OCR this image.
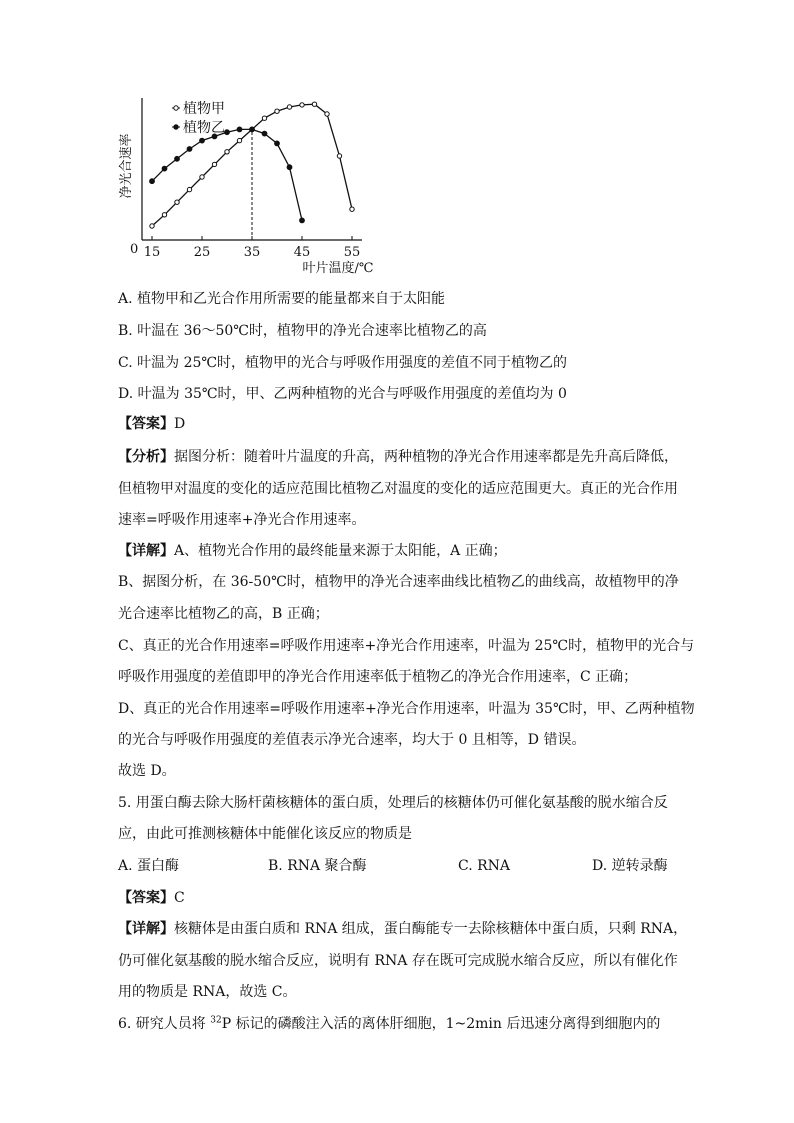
0 15	25	35	45	55
叶片温度/℃
净光合速率
植物甲
植物乙
A. 植物甲和乙光合作用所需要的能量都来自于太阳能
B. 叶温在 36～50℃时，植物甲的净光合速率比植物乙的高
C. 叶温为 25℃时，植物甲的光合与呼吸作用强度的差值不同于植物乙的
D. 叶温为 35℃时，甲、乙两种植物的光合与呼吸作用强度的差值均为 0
【答案】D
【分析】据图分析：随着叶片温度的升高，两种植物的净光合作用速率都是先升高后降低，
但植物甲对温度的变化的适应范围比植物乙对温度的变化的适应范围更大。真正的光合作用
速率=呼吸作用速率+净光合作用速率。
【详解】A、植物光合作用的最终能量来源于太阳能，A 正确；
B、据图分析，在 36-50℃时，植物甲的净光合速率曲线比植物乙的曲线高，故植物甲的净
光合速率比植物乙的高，B 正确；
C、真正的光合作用速率=呼吸作用速率+净光合作用速率，叶温为 25℃时，植物甲的光合与
呼吸作用强度的差值即甲的净光合作用速率低于植物乙的净光合作用速率，C 正确；
D、真正的光合作用速率=呼吸作用速率+净光合作用速率，叶温为 35℃时，甲、乙两种植物
的光合与呼吸作用强度的差值表示净光合速率，均大于 0 且相等，D 错误。
故选 D。
5. 用蛋白酶去除大肠杆菌核糖体的蛋白质，处理后的核糖体仍可催化氨基酸的脱水缩合反
应，由此可推测核糖体中能催化该反应的物质是
A. 蛋白酶	B. RNA 聚合酶	C. RNA	D. 逆转录酶
【答案】C
【详解】核糖体是由蛋白质和 RNA 组成，蛋白酶能专一去除核糖体中蛋白质，只剩 RNA，
仍可催化氨基酸的脱水缩合反应，说明有 RNA 存在既可完成脱水缩合反应，所以有催化作
用的物质是 RNA，故选 C。
6. 研究人员将 $^{32}$P 标记的磷酸注入活的离体肝细胞，1~2min 后迅速分离得到细胞内的
